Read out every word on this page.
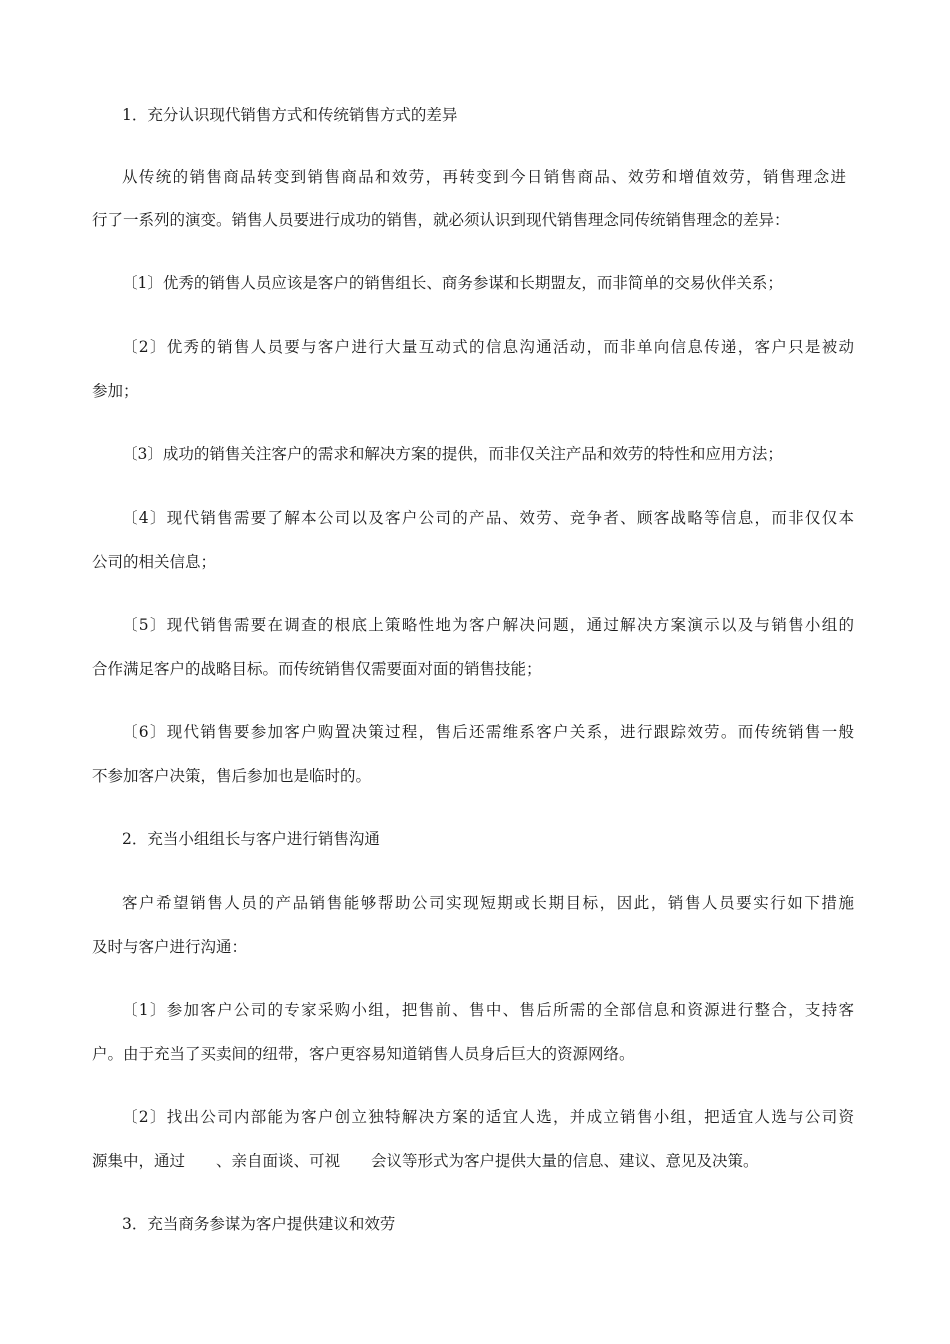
1．充分认识现代销售方式和传统销售方式的差异

从传统的销售商品转变到销售商品和效劳，再转变到今日销售商品、效劳和增值效劳，销售理念进

行了一系列的演变。销售人员要进行成功的销售，就必须认识到现代销售理念同传统销售理念的差异：

〔1〕优秀的销售人员应该是客户的销售组长、商务参谋和长期盟友，而非简单的交易伙伴关系；

〔2〕优秀的销售人员要与客户进行大量互动式的信息沟通活动，而非单向信息传递，客户只是被动

参加；

〔3〕成功的销售关注客户的需求和解决方案的提供，而非仅关注产品和效劳的特性和应用方法；

〔4〕现代销售需要了解本公司以及客户公司的产品、效劳、竞争者、顾客战略等信息，而非仅仅本

公司的相关信息；

〔5〕现代销售需要在调查的根底上策略性地为客户解决问题，通过解决方案演示以及与销售小组的

合作满足客户的战略目标。而传统销售仅需要面对面的销售技能；

〔6〕现代销售要参加客户购置决策过程，售后还需维系客户关系，进行跟踪效劳。而传统销售一般

不参加客户决策，售后参加也是临时的。

2．充当小组组长与客户进行销售沟通

客户希望销售人员的产品销售能够帮助公司实现短期或长期目标，因此，销售人员要实行如下措施

及时与客户进行沟通：

〔1〕参加客户公司的专家采购小组，把售前、售中、售后所需的全部信息和资源进行整合，支持客

户。由于充当了买卖间的纽带，客户更容易知道销售人员身后巨大的资源网络。

〔2〕找出公司内部能为客户创立独特解决方案的适宜人选，并成立销售小组，把适宜人选与公司资

源集中，通过　　、亲自面谈、可视　　会议等形式为客户提供大量的信息、建议、意见及决策。

3．充当商务参谋为客户提供建议和效劳
